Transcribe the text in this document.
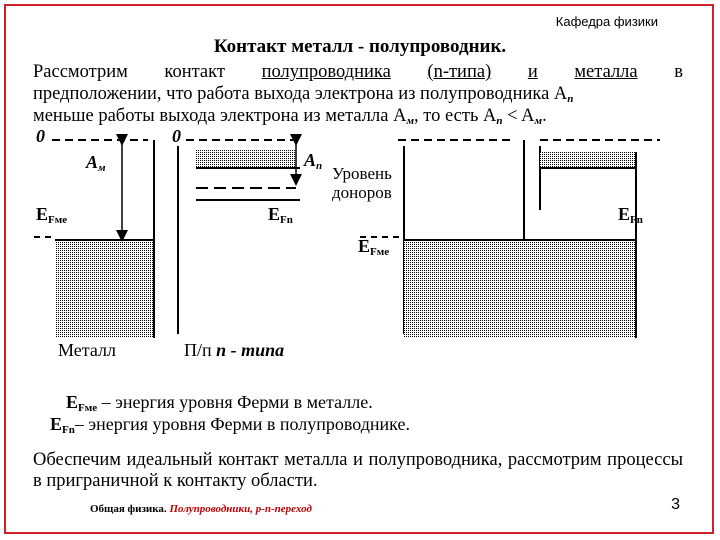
Кафедра физики
Контакт металл - полупроводник.
Рассмотрим контакт полупроводника (n-типа) и металла в
предположении, что работа выхода электрона из полупроводника $A_n$
меньше работы выхода электрона из металла $A_м$, то есть $A_n < A_м$.
0	0
$A_м$	$A_n$ Уровень
доноров
$E_{Fме}$	$E_{Fn}$	$E_{Fn}$
$E_{Fме}$
Металл	П/п n - типа
$E_{Fме}$ – энергия уровня Ферми в металле.
$E_{Fn}-$ энергия уровня Ферми в полупроводнике.
Обеспечим идеальный контакт металла и полупроводника, рассмотрим процессы в приграничной к контакту области.
Общая физика. Полупроводники, p-n-переход	3
